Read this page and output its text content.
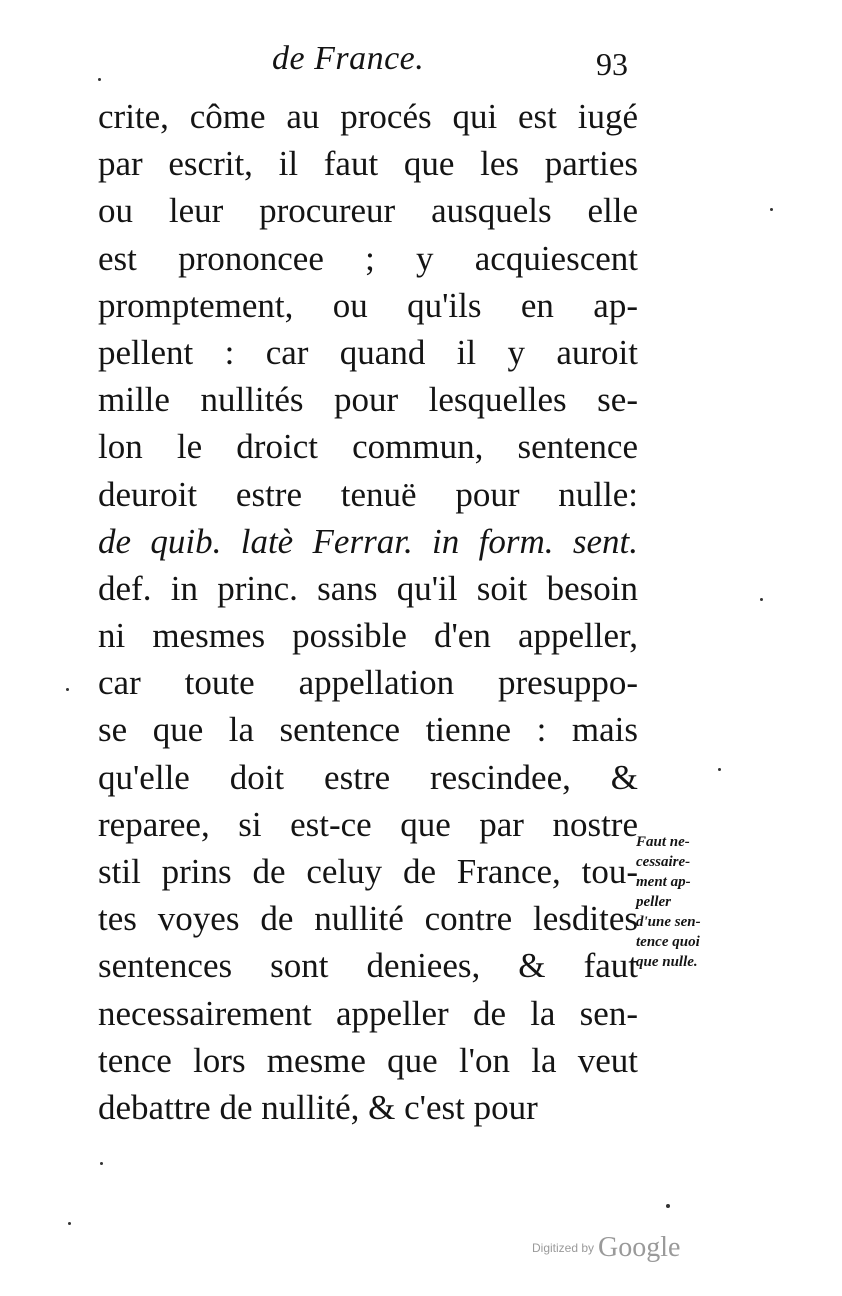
de France.	93
crite, côme au procés qui est iugé
par escrit, il faut que les parties
ou leur procureur ausquels elle
est prononcee ; y acquiescent
promptement, ou qu'ils en ap-
pellent : car quand il y auroit
mille nullités pour lesquelles se-
lon le droict commun, sentence
deuroit estre tenuë pour nulle:
de quib. latè Ferrar. in form. sent.
def. in princ. sans qu'il soit besoin
ni mesmes possible d'en appeller,
car toute appellation presuppo-
se que la sentence tienne : mais
qu'elle doit estre rescindee, &
reparee, si est-ce que par nostre
stil prins de celuy de France, tou-
tes voyes de nullité contre lesdites
sentences sont deniees, & faut
necessairement appeller de la sen-
tence lors mesme que l'on la veut
debattre de nullité, & c'est pour
Faut ne-
cessaire-
ment ap-
peller
d'une sen-
tence quoi
que nulle.
Digitized by Google
